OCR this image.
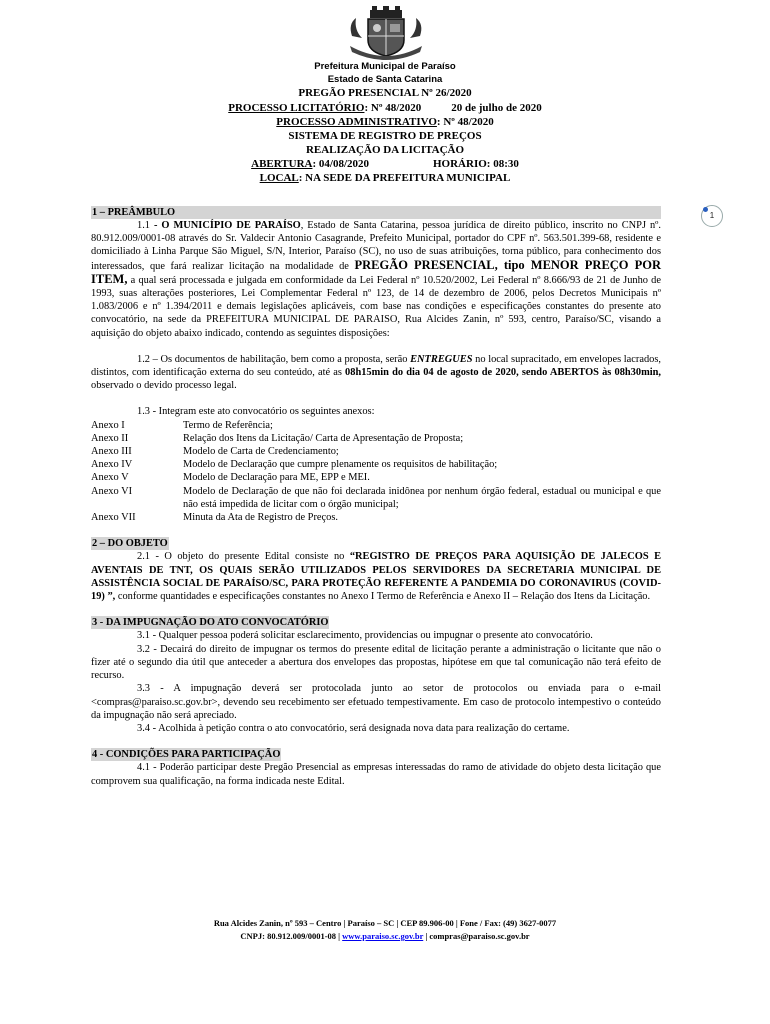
Prefeitura Municipal de Paraíso
Estado de Santa Catarina
PREGÃO PRESENCIAL Nº 26/2020
PROCESSO LICITATÓRIO: Nº 48/2020	20 de julho de 2020
PROCESSO ADMINISTRATIVO: Nº 48/2020
SISTEMA DE REGISTRO DE PREÇOS
REALIZAÇÃO DA LICITAÇÃO
ABERTURA: 04/08/2020	HORÁRIO: 08:30
LOCAL: NA SEDE DA PREFEITURA MUNICIPAL
1
1 – PREÂMBULO

1.1 - O MUNICÍPIO DE PARAÍSO, Estado de Santa Catarina, pessoa jurídica de direito público, inscrito no CNPJ nº. 80.912.009/0001-08 através do Sr. Valdecir Antonio Casagrande, Prefeito Municipal, portador do CPF nº. 563.501.399-68, residente e domiciliado à Linha Parque São Miguel, S/N, Interior, Paraíso (SC), no uso de suas atribuições, torna público, para conhecimento dos interessados, que fará realizar licitação na modalidade de PREGÃO PRESENCIAL, tipo MENOR PREÇO POR ITEM, a qual será processada e julgada em conformidade da Lei Federal nº 10.520/2002, Lei Federal nº 8.666/93 de 21 de Junho de 1993, suas alterações posteriores, Lei Complementar Federal nº 123, de 14 de dezembro de 2006, pelos Decretos Municipais nº 1.083/2006 e nº 1.394/2011 e demais legislações aplicáveis, com base nas condições e especificações constantes do presente ato convocatório, na sede da PREFEITURA MUNICIPAL DE PARAISO, Rua Alcides Zanin, nº 593, centro, Paraíso/SC, visando a aquisição do objeto abaixo indicado, contendo as seguintes disposições:

1.2 – Os documentos de habilitação, bem como a proposta, serão ENTREGUES no local supracitado, em envelopes lacrados, distintos, com identificação externa do seu conteúdo, até as 08h15min do dia 04 de agosto de 2020, sendo ABERTOS às 08h30min, observado o devido processo legal.

1.3 - Integram este ato convocatório os seguintes anexos:

Anexo I	Termo de Referência;
Anexo II	Relação dos Itens da Licitação/ Carta de Apresentação de Proposta;
Anexo III	Modelo de Carta de Credenciamento;
Anexo IV	Modelo de Declaração que cumpre plenamente os requisitos de habilitação;
Anexo V	Modelo de Declaração para ME, EPP e MEI.
Anexo VI	Modelo de Declaração de que não foi declarada inidônea por nenhum órgão federal, estadual ou municipal e que não está impedida de licitar com o órgão municipal;
Anexo VII	Minuta da Ata de Registro de Preços.
2 – DO OBJETO

2.1 - O objeto do presente Edital consiste no “REGISTRO DE PREÇOS PARA AQUISIÇÃO DE JALECOS E AVENTAIS DE TNT, OS QUAIS SERÃO UTILIZADOS PELOS SERVIDORES DA SECRETARIA MUNICIPAL DE ASSISTÊNCIA SOCIAL DE PARAÍSO/SC, PARA PROTEÇÃO REFERENTE A PANDEMIA DO CORONAVIRUS (COVID-19) ”, conforme quantidades e especificações constantes no Anexo I Termo de Referência e Anexo II – Relação dos Itens da Licitação.

3 - DA IMPUGNAÇÃO DO ATO CONVOCATÓRIO

3.1 - Qualquer pessoa poderá solicitar esclarecimento, providencias ou impugnar o presente ato convocatório.

3.2 - Decairá do direito de impugnar os termos do presente edital de licitação perante a administração o licitante que não o fizer até o segundo dia útil que anteceder a abertura dos envelopes das propostas, hipótese em que tal comunicação não terá efeito de recurso.

3.3 - A impugnação deverá ser protocolada junto ao setor de protocolos ou enviada para o e-mail <compras@paraiso.sc.gov.br>, devendo seu recebimento ser efetuado tempestivamente. Em caso de protocolo intempestivo o conteúdo da impugnação não será apreciado.

3.4 - Acolhida à petição contra o ato convocatório, será designada nova data para realização do certame.

4 - CONDIÇÕES PARA PARTICIPAÇÃO

4.1 - Poderão participar deste Pregão Presencial as empresas interessadas do ramo de atividade do objeto desta licitação que comprovem sua qualificação, na forma indicada neste Edital.

Rua Alcides Zanin, nº 593 – Centro | Paraíso – SC | CEP 89.906-00 | Fone / Fax: (49) 3627-0077
CNPJ: 80.912.009/0001-08 | www.paraiso.sc.gov.br | compras@paraiso.sc.gov.br
